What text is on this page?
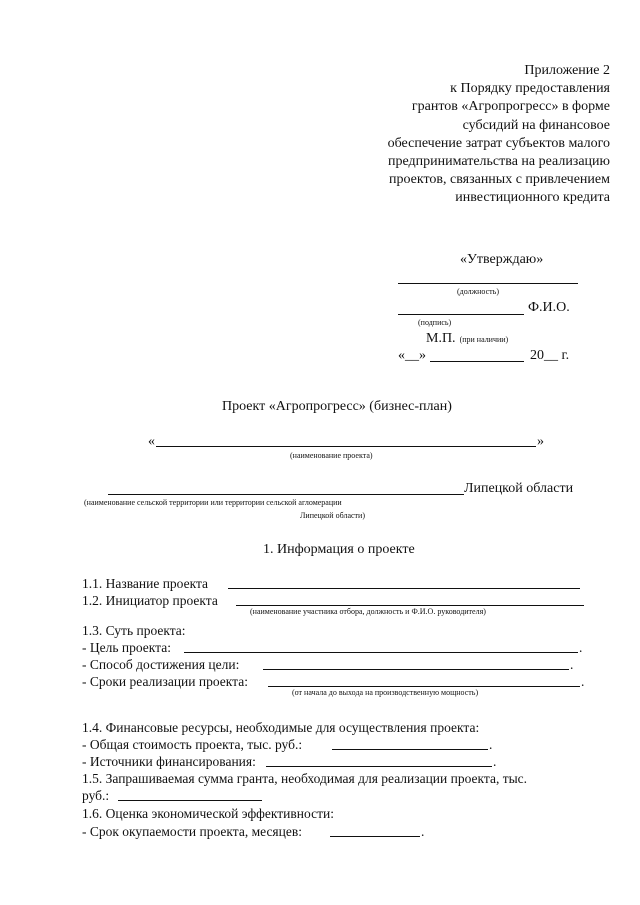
Приложение 2
к Порядку предоставления
грантов «Агропрогресс» в форме
субсидий на финансовое
обеспечение затрат субъектов малого
предпринимательства на реализацию
проектов, связанных с привлечением
инвестиционного кредита
«Утверждаю»
(должность)
Ф.И.О.
(подпись)
М.П. (при наличии)
«__»	20__ г.
Проект «Агропрогресс» (бизнес-план)
«	»
(наименование проекта)
Липецкой области
(наименование сельской территории или территории сельской агломерации
Липецкой области)
1. Информация о проекте
1.1. Название проекта
1.2. Инициатор проекта
(наименование участника отбора, должность и Ф.И.О. руководителя)
1.3. Суть проекта:
- Цель проекта:	.
- Способ достижения цели:	.
- Сроки реализации проекта:	.
(от начала до выхода на производственную мощность)
1.4. Финансовые ресурсы, необходимые для осуществления проекта:
- Общая стоимость проекта, тыс. руб.:	.
- Источники финансирования:	.
1.5. Запрашиваемая сумма гранта, необходимая для реализации проекта, тыс.
руб.:
1.6. Оценка экономической эффективности:
- Срок окупаемости проекта, месяцев:	.
